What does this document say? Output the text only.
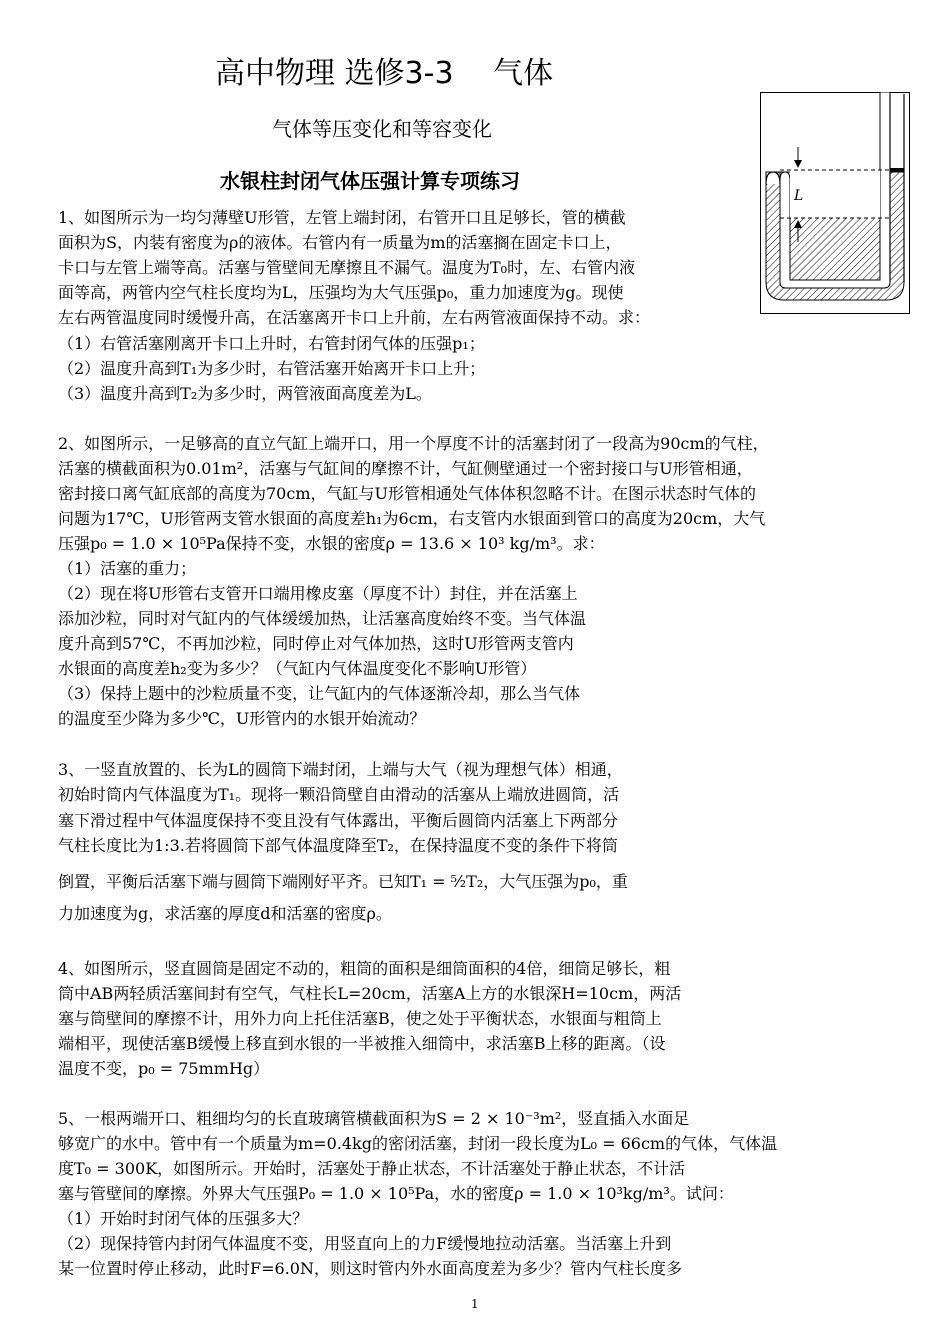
高中物理 选修3-3　 气体
气体等压变化和等容变化
水银柱封闭气体压强计算专项练习
L
1、如图所示为一均匀薄壁U形管，左管上端封闭，右管开口且足够长，管的横截
面积为S，内装有密度为ρ的液体。右管内有一质量为m的活塞搁在固定卡口上，
卡口与左管上端等高。活塞与管壁间无摩擦且不漏气。温度为T₀时，左、右管内液
面等高，两管内空气柱长度均为L，压强均为大气压强p₀，重力加速度为g。现使
左右两管温度同时缓慢升高，在活塞离开卡口上升前，左右两管液面保持不动。求：
（1）右管活塞刚离开卡口上升时，右管封闭气体的压强p₁；
（2）温度升高到T₁为多少时，右管活塞开始离开卡口上升；
（3）温度升高到T₂为多少时，两管液面高度差为L。
2、如图所示，一足够高的直立气缸上端开口，用一个厚度不计的活塞封闭了一段高为90cm的气柱，
活塞的横截面积为0.01m²，活塞与气缸间的摩擦不计，气缸侧壁通过一个密封接口与U形管相通，
密封接口离气缸底部的高度为70cm，气缸与U形管相通处气体体积忽略不计。在图示状态时气体的
问题为17℃，U形管两支管水银面的高度差h₁为6cm，右支管内水银面到管口的高度为20cm，大气
压强p₀ = 1.0 × 10⁵Pa保持不变，水银的密度ρ = 13.6 × 10³ kg/m³。求：
（1）活塞的重力；
（2）现在将U形管右支管开口端用橡皮塞（厚度不计）封住，并在活塞上
添加沙粒，同时对气缸内的气体缓缓加热，让活塞高度始终不变。当气体温
度升高到57℃，不再加沙粒，同时停止对气体加热，这时U形管两支管内
水银面的高度差h₂变为多少？（气缸内气体温度变化不影响U形管）
（3）保持上题中的沙粒质量不变，让气缸内的气体逐渐冷却，那么当气体
的温度至少降为多少℃，U形管内的水银开始流动？
3、一竖直放置的、长为L的圆筒下端封闭，上端与大气（视为理想气体）相通，
初始时筒内气体温度为T₁。现将一颗沿筒壁自由滑动的活塞从上端放进圆筒，活
塞下滑过程中气体温度保持不变且没有气体露出，平衡后圆筒内活塞上下两部分
气柱长度比为1:3.若将圆筒下部气体温度降至T₂，在保持温度不变的条件下将筒
倒置，平衡后活塞下端与圆筒下端刚好平齐。已知T₁ = ⁵⁄₂T₂，大气压强为p₀，重
力加速度为g，求活塞的厚度d和活塞的密度ρ。
4、如图所示，竖直圆筒是固定不动的，粗筒的面积是细筒面积的4倍，细筒足够长，粗
筒中AB两轻质活塞间封有空气，气柱长L=20cm，活塞A上方的水银深H=10cm，两活
塞与筒壁间的摩擦不计，用外力向上托住活塞B，使之处于平衡状态，水银面与粗筒上
端相平，现使活塞B缓慢上移直到水银的一半被推入细筒中，求活塞B上移的距离。（设
温度不变，p₀ = 75mmHg）
5、一根两端开口、粗细均匀的长直玻璃管横截面积为S = 2 × 10⁻³m²，竖直插入水面足
够宽广的水中。管中有一个质量为m=0.4kg的密闭活塞，封闭一段长度为L₀ = 66cm的气体，气体温
度T₀ = 300K，如图所示。开始时，活塞处于静止状态，不计活塞处于静止状态，不计活
塞与管壁间的摩擦。外界大气压强P₀ = 1.0 × 10⁵Pa，水的密度ρ = 1.0 × 10³kg/m³。试问：
（1）开始时封闭气体的压强多大？
（2）现保持管内封闭气体温度不变，用竖直向上的力F缓慢地拉动活塞。当活塞上升到
某一位置时停止移动，此时F=6.0N，则这时管内外水面高度差为多少？管内气柱长度多
1
